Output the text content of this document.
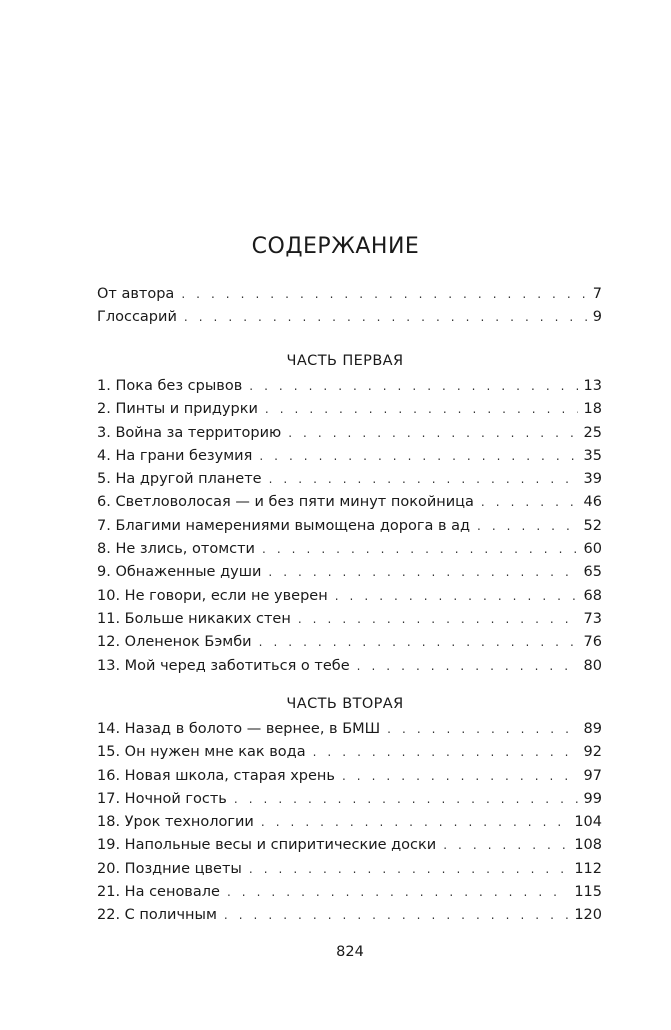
СОДЕРЖАНИЕ
От автора . . .	7
Глоссарий . . .	9
ЧАСТЬ ПЕРВАЯ
1. Пока без срывов . . .	13
2. Пинты и придурки . . .	18
3. Война за территорию . . .	25
4. На грани безумия . . .	35
5. На другой планете . . .	39
6. Светловолосая — и без пяти минут покойница . . .	46
7. Благими намерениями вымощена дорога в ад . . .	52
8. Не злись, отомсти . . .	60
9. Обнаженные души . . .	65
10. Не говори, если не уверен . . .	68
11. Больше никаких стен . . .	73
12. Олененок Бэмби . . .	76
13. Мой черед заботиться о тебе . . .	80
ЧАСТЬ ВТОРАЯ
14. Назад в болото — вернее, в БМШ . . .	89
15. Он нужен мне как вода . . .	92
16. Новая школа, старая хрень . . .	97
17. Ночной гость . . .	99
18. Урок технологии . . .	104
19. Напольные весы и спиритические доски . . .	108
20. Поздние цветы . . .	112
21. На сеновале . . .	115
22. С поличным . . .	120
824
